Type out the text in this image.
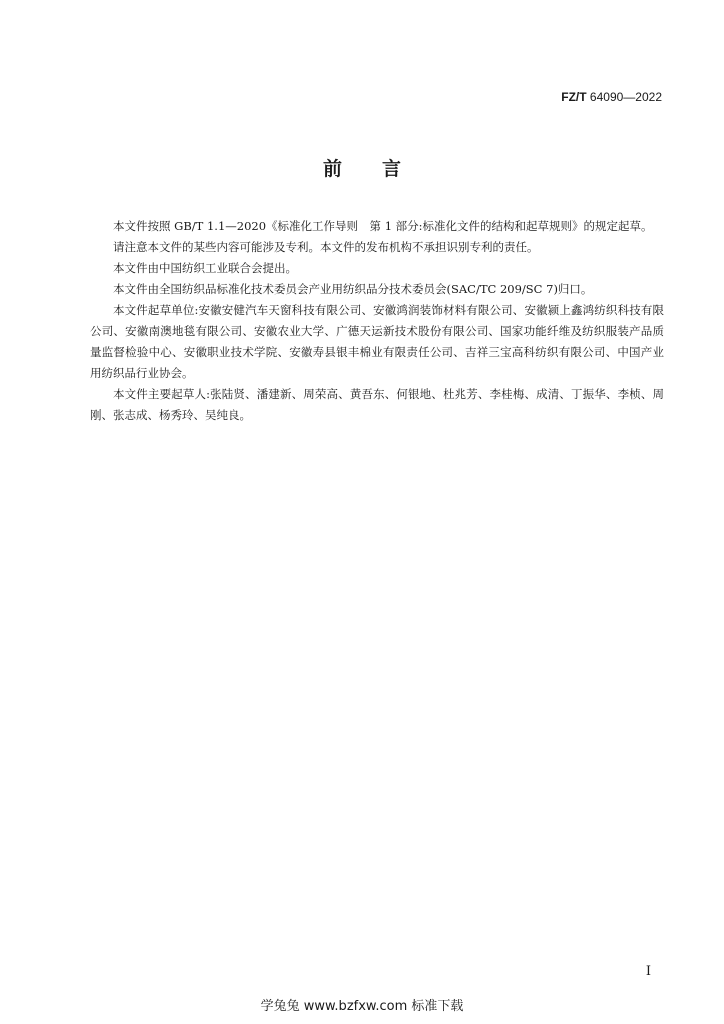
FZ/T 64090—2022
前言

本文件按照 GB/T 1.1—2020《标准化工作导则　第 1 部分:标准化文件的结构和起草规则》的规定起草。

请注意本文件的某些内容可能涉及专利。本文件的发布机构不承担识别专利的责任。

本文件由中国纺织工业联合会提出。

本文件由全国纺织品标准化技术委员会产业用纺织品分技术委员会(SAC/TC 209/SC 7)归口。

本文件起草单位:安徽安健汽车天窗科技有限公司、安徽鸿润装饰材料有限公司、安徽颍上鑫鸿纺织科技有限公司、安徽南澳地毯有限公司、安徽农业大学、广德天运新技术股份有限公司、国家功能纤维及纺织服装产品质量监督检验中心、安徽职业技术学院、安徽寿县银丰棉业有限责任公司、吉祥三宝高科纺织有限公司、中国产业用纺织品行业协会。

本文件主要起草人:张陆贤、潘建新、周荣高、黄吾东、何银地、杜兆芳、李桂梅、成清、丁振华、李桢、周刚、张志成、杨秀玲、吴纯良。

I
学兔兔 www.bzfxw.com 标准下载
